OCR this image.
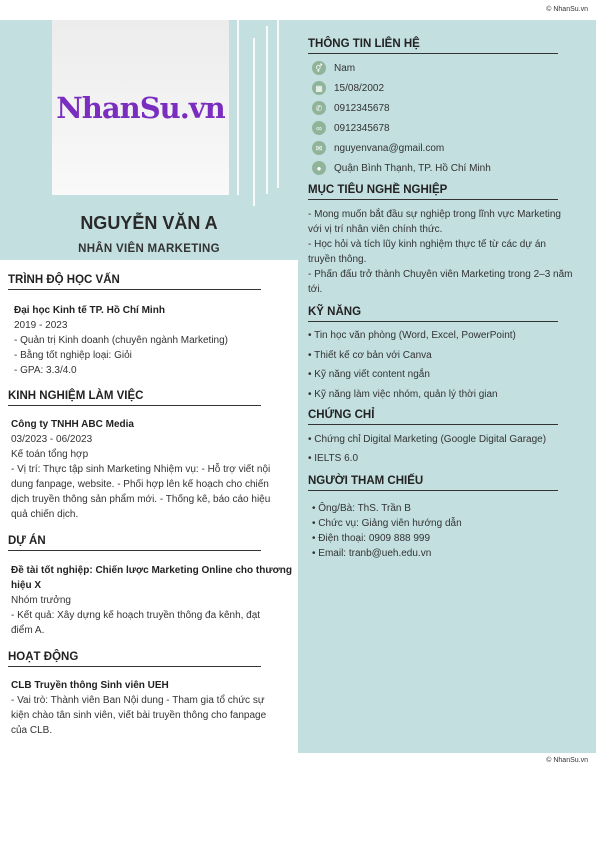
© NhanSu.vn
NhanSu.vn
NGUYỄN VĂN A
NHÂN VIÊN MARKETING
TRÌNH ĐỘ HỌC VẤN
Đại học Kinh tế TP. Hồ Chí Minh
2019 - 2023
- Quản trị Kinh doanh (chuyên ngành Marketing)
- Bằng tốt nghiệp loại: Giỏi
- GPA: 3.3/4.0
KINH NGHIỆM LÀM VIỆC
Công ty TNHH ABC Media
03/2023 - 06/2023
Kế toán tổng hợp
- Vị trí: Thực tập sinh Marketing Nhiệm vụ: - Hỗ trợ viết nội
dung fanpage, website. - Phối hợp lên kế hoạch cho chiến
dịch truyền thông sản phẩm mới. - Thống kê, báo cáo hiệu
quả chiến dịch.
DỰ ÁN
Đề tài tốt nghiệp: Chiến lược Marketing Online cho thương
hiệu X
Nhóm trưởng
- Kết quả: Xây dựng kế hoạch truyền thông đa kênh, đạt
điểm A.
HOẠT ĐỘNG
CLB Truyền thông Sinh viên UEH
- Vai trò: Thành viên Ban Nội dung - Tham gia tổ chức sự
kiện chào tân sinh viên, viết bài truyền thông cho fanpage
của CLB.
THÔNG TIN LIÊN HỆ
⚥	Nam
▦	15/08/2002
✆	0912345678
∞	0912345678
✉	nguyenvana@gmail.com
●	Quận Bình Thạnh, TP. Hồ Chí Minh
MỤC TIÊU NGHỀ NGHIỆP
- Mong muốn bắt đầu sự nghiệp trong lĩnh vực Marketing
với vị trí nhân viên chính thức.
- Học hỏi và tích lũy kinh nghiệm thực tế từ các dự án
truyền thông.
- Phấn đấu trở thành Chuyên viên Marketing trong 2–3 năm
tới.
KỸ NĂNG
• Tin học văn phòng (Word, Excel, PowerPoint)
• Thiết kế cơ bản với Canva
• Kỹ năng viết content ngắn
• Kỹ năng làm việc nhóm, quản lý thời gian
CHỨNG CHỈ
• Chứng chỉ Digital Marketing (Google Digital Garage)
• IELTS 6.0
NGƯỜI THAM CHIẾU
• Ông/Bà: ThS. Trần B
• Chức vụ: Giảng viên hướng dẫn
• Điện thoại: 0909 888 999
• Email: tranb@ueh.edu.vn
© NhanSu.vn
